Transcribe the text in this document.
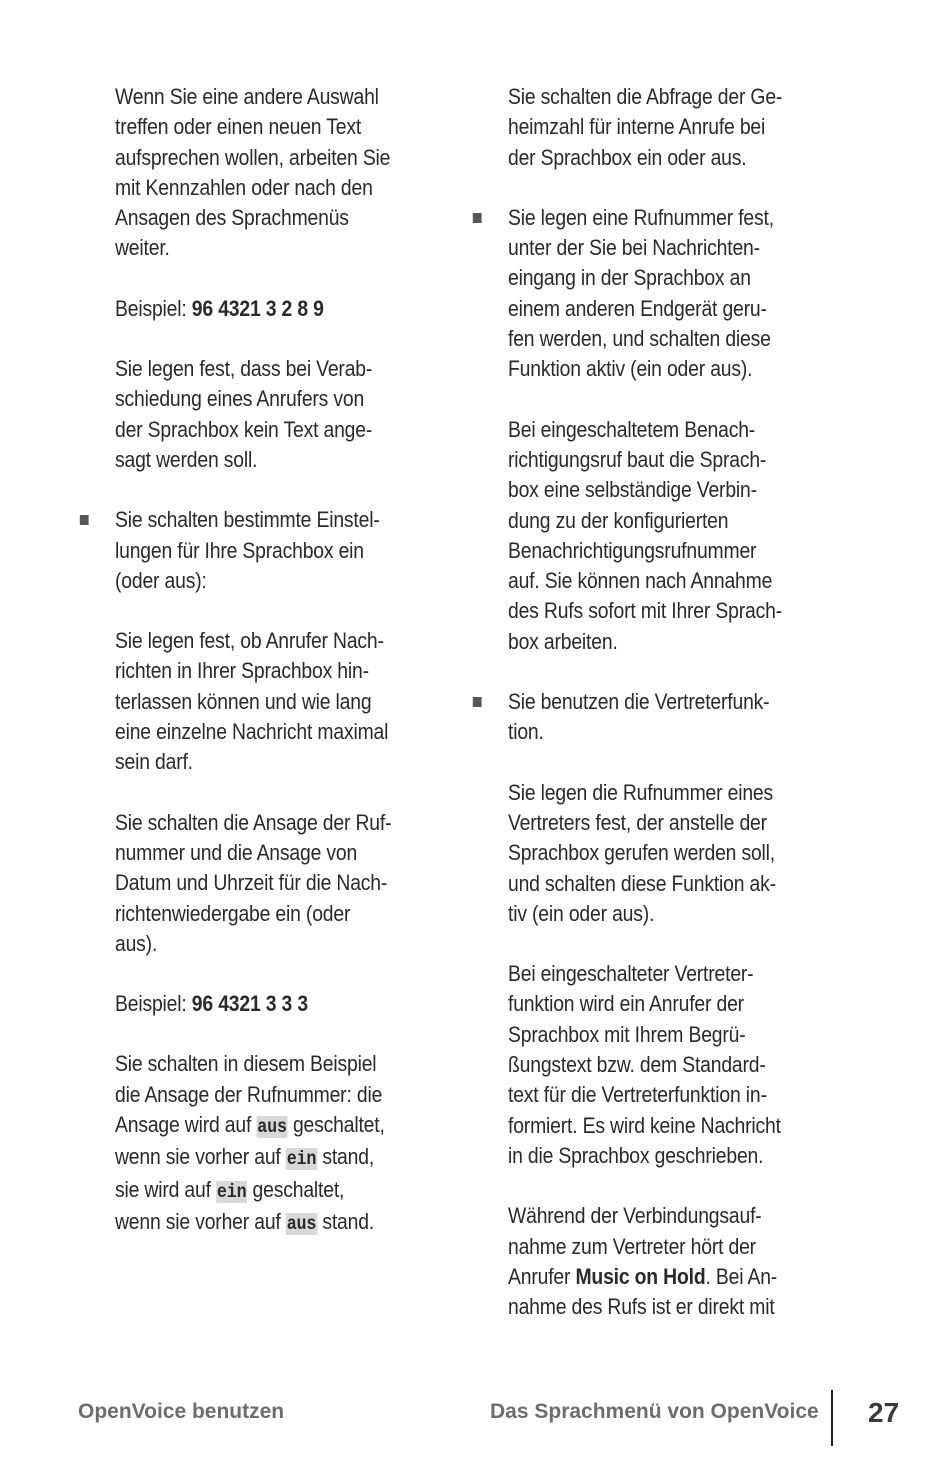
Wenn Sie eine andere Auswahl
treffen oder einen neuen Text
aufsprechen wollen, arbeiten Sie
mit Kennzahlen oder nach den
Ansagen des Sprachmenüs
weiter.
Beispiel: 96 4321 3 2 8 9
Sie legen fest, dass bei Verab-
schiedung eines Anrufers von
der Sprachbox kein Text ange-
sagt werden soll.
Sie schalten bestimmte Einstel-
lungen für Ihre Sprachbox ein
(oder aus):
Sie legen fest, ob Anrufer Nach-
richten in Ihrer Sprachbox hin-
terlassen können und wie lang
eine einzelne Nachricht maximal
sein darf.
Sie schalten die Ansage der Ruf-
nummer und die Ansage von
Datum und Uhrzeit für die Nach-
richtenwiedergabe ein (oder
aus).
Beispiel: 96 4321 3 3 3
Sie schalten in diesem Beispiel
die Ansage der Rufnummer: die
Ansage wird auf aus geschaltet,
wenn sie vorher auf ein stand,
sie wird auf ein geschaltet,
wenn sie vorher auf aus stand.
Sie schalten die Abfrage der Ge-
heimzahl für interne Anrufe bei
der Sprachbox ein oder aus.
Sie legen eine Rufnummer fest,
unter der Sie bei Nachrichten-
eingang in der Sprachbox an
einem anderen Endgerät geru-
fen werden, und schalten diese
Funktion aktiv (ein oder aus).
Bei eingeschaltetem Benach-
richtigungsruf baut die Sprach-
box eine selbständige Verbin-
dung zu der konfigurierten
Benachrichtigungsrufnummer
auf. Sie können nach Annahme
des Rufs sofort mit Ihrer Sprach-
box arbeiten.
Sie benutzen die Vertreterfunk-
tion.
Sie legen die Rufnummer eines
Vertreters fest, der anstelle der
Sprachbox gerufen werden soll,
und schalten diese Funktion ak-
tiv (ein oder aus).
Bei eingeschalteter Vertreter-
funktion wird ein Anrufer der
Sprachbox mit Ihrem Begrü-
ßungstext bzw. dem Standard-
text für die Vertreterfunktion in-
formiert. Es wird keine Nachricht
in die Sprachbox geschrieben.
Während der Verbindungsauf-
nahme zum Vertreter hört der
Anrufer Music on Hold. Bei An-
nahme des Rufs ist er direkt mit
OpenVoice benutzen	Das Sprachmenü von OpenVoice 27
